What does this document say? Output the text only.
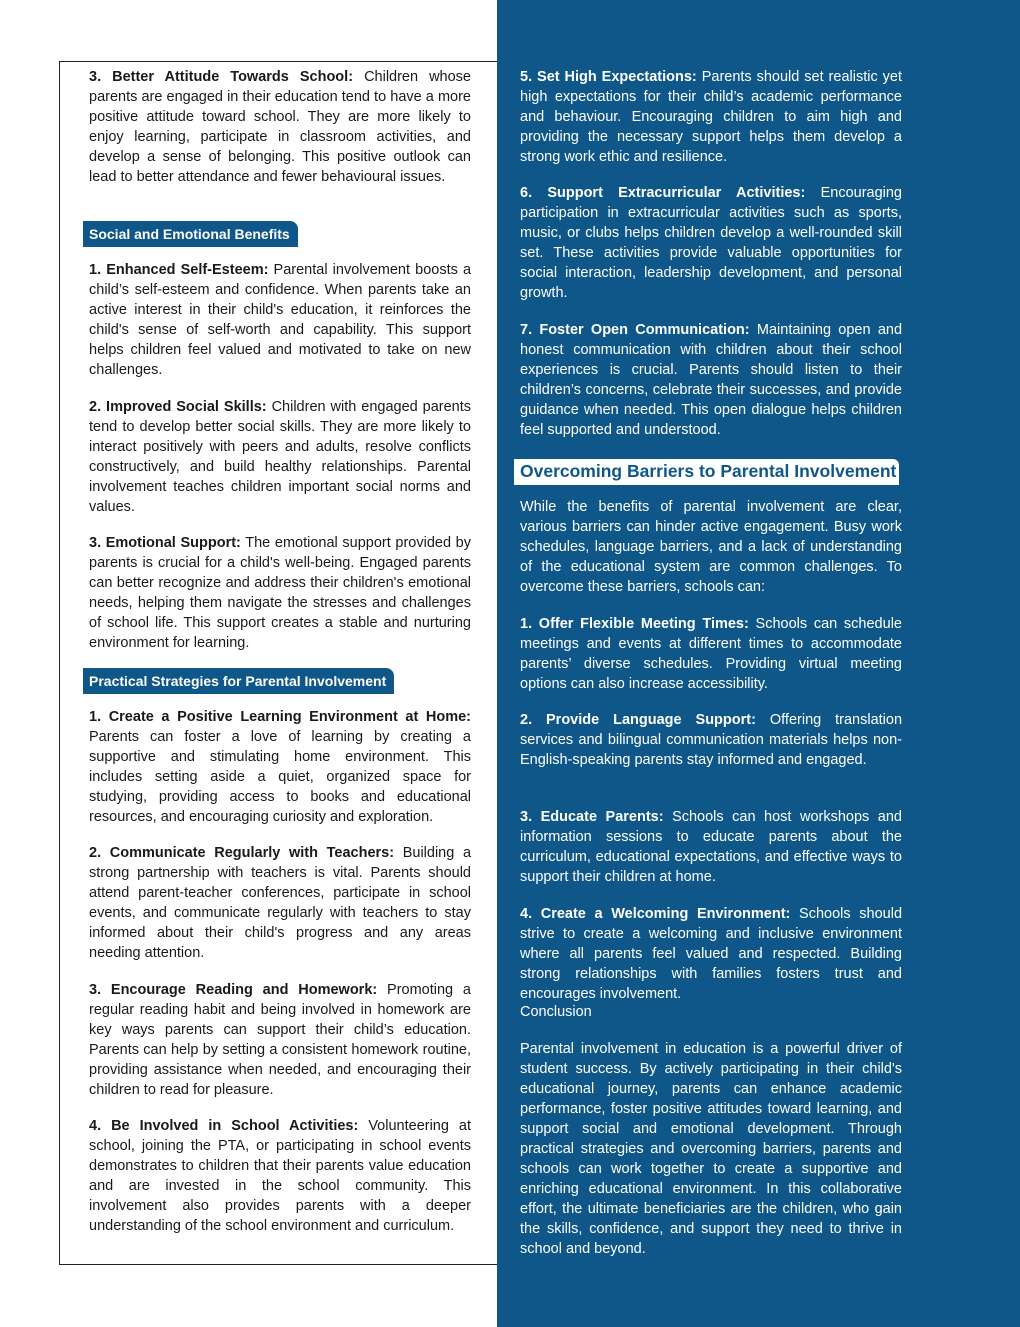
3. Better Attitude Towards School: Children whose parents are engaged in their education tend to have a more positive attitude toward school. They are more likely to enjoy learning, participate in classroom activities, and develop a sense of belonging. This positive outlook can lead to better attendance and fewer behavioural issues.

Social and Emotional Benefits

1. Enhanced Self-Esteem: Parental involvement boosts a child’s self-esteem and confidence. When parents take an active interest in their child's education, it reinforces the child's sense of self-worth and capability. This support helps children feel valued and motivated to take on new challenges.

2. Improved Social Skills: Children with engaged parents tend to develop better social skills. They are more likely to interact positively with peers and adults, resolve conflicts constructively, and build healthy relationships. Parental involvement teaches children important social norms and values.

3. Emotional Support: The emotional support provided by parents is crucial for a child's well-being. Engaged parents can better recognize and address their children's emotional needs, helping them navigate the stresses and challenges of school life. This support creates a stable and nurturing environment for learning.

Practical Strategies for Parental Involvement

1. Create a Positive Learning Environment at Home: Parents can foster a love of learning by creating a supportive and stimulating home environment. This includes setting aside a quiet, organized space for studying, providing access to books and educational resources, and encouraging curiosity and exploration.

2. Communicate Regularly with Teachers: Building a strong partnership with teachers is vital. Parents should attend parent-teacher conferences, participate in school events, and communicate regularly with teachers to stay informed about their child's progress and any areas needing attention.

3. Encourage Reading and Homework: Promoting a regular reading habit and being involved in homework are key ways parents can support their child’s education. Parents can help by setting a consistent homework routine, providing assistance when needed, and encouraging their children to read for pleasure.

4. Be Involved in School Activities: Volunteering at school, joining the PTA, or participating in school events demonstrates to children that their parents value education and are invested in the school community. This involvement also provides parents with a deeper understanding of the school environment and curriculum.

5. Set High Expectations: Parents should set realistic yet high expectations for their child’s academic performance and behaviour. Encouraging children to aim high and providing the necessary support helps them develop a strong work ethic and resilience.

6. Support Extracurricular Activities: Encouraging participation in extracurricular activities such as sports, music, or clubs helps children develop a well-rounded skill set. These activities provide valuable opportunities for social interaction, leadership development, and personal growth.

7. Foster Open Communication: Maintaining open and honest communication with children about their school experiences is crucial. Parents should listen to their children’s concerns, celebrate their successes, and provide guidance when needed. This open dialogue helps children feel supported and understood.

Overcoming Barriers to Parental Involvement

While the benefits of parental involvement are clear, various barriers can hinder active engagement. Busy work schedules, language barriers, and a lack of understanding of the educational system are common challenges. To overcome these barriers, schools can:

1. Offer Flexible Meeting Times: Schools can schedule meetings and events at different times to accommodate parents’ diverse schedules. Providing virtual meeting options can also increase accessibility.

2. Provide Language Support: Offering translation services and bilingual communication materials helps non-English-speaking parents stay informed and engaged.

3. Educate Parents: Schools can host workshops and information sessions to educate parents about the curriculum, educational expectations, and effective ways to support their children at home.

4. Create a Welcoming Environment: Schools should strive to create a welcoming and inclusive environment where all parents feel valued and respected. Building strong relationships with families fosters trust and encourages involvement.

Conclusion

Parental involvement in education is a powerful driver of student success. By actively participating in their child's educational journey, parents can enhance academic performance, foster positive attitudes toward learning, and support social and emotional development. Through practical strategies and overcoming barriers, parents and schools can work together to create a supportive and enriching educational environment. In this collaborative effort, the ultimate beneficiaries are the children, who gain the skills, confidence, and support they need to thrive in school and beyond.
